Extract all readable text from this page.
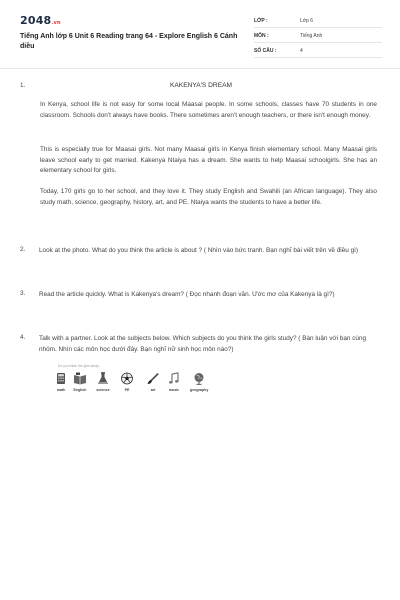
2048.vn
Tiếng Anh lớp 6 Unit 6 Reading trang 64 - Explore English 6 Cánh diều
LỚP :	Lớp 6
MÔN :	Tiếng Anh
SỐ CÂU :	4
1.	KAKENYA'S DREAM

In Kenya, school life is not easy for some local Maasai people. In some schools, classes have 70 students in one classroom. Schools don't always have books. There sometimes aren't enough teachers, or there isn't enough money.

This is especially true for Maasai girls. Not many Maasai girls in Kenya finish elementary school. Many Maasai girls leave school early to get married. Kakenya Ntaiya has a dream. She wants to help Maasai schoolgirls. She has an elementary school for girls.

Today, 170 girls go to her school, and they love it. They study English and Swahili (an African language). They also study math, science, geography, history, art, and PE. Ntaiya wants the students to have a better life.

2. Look at the photo. What do you think the article is about ? ( Nhìn vào bức tranh. Bạn nghĩ bài viết trên về điều gì)

3. Read the article quickly. What is Kakenya's dream? ( Đọc nhanh đoạn văn. Ước mơ của Kakenya là gì?)

4. Talk with a partner. Look at the subjects below. Which subjects do you think the girls study? ( Bàn luận với bạn cùng nhóm. Nhìn các môn học dưới đây. Bạn nghĩ nữ sinh học môn nào?)

Do you think the girls study...
math	English	science	PE	art	music	geography
